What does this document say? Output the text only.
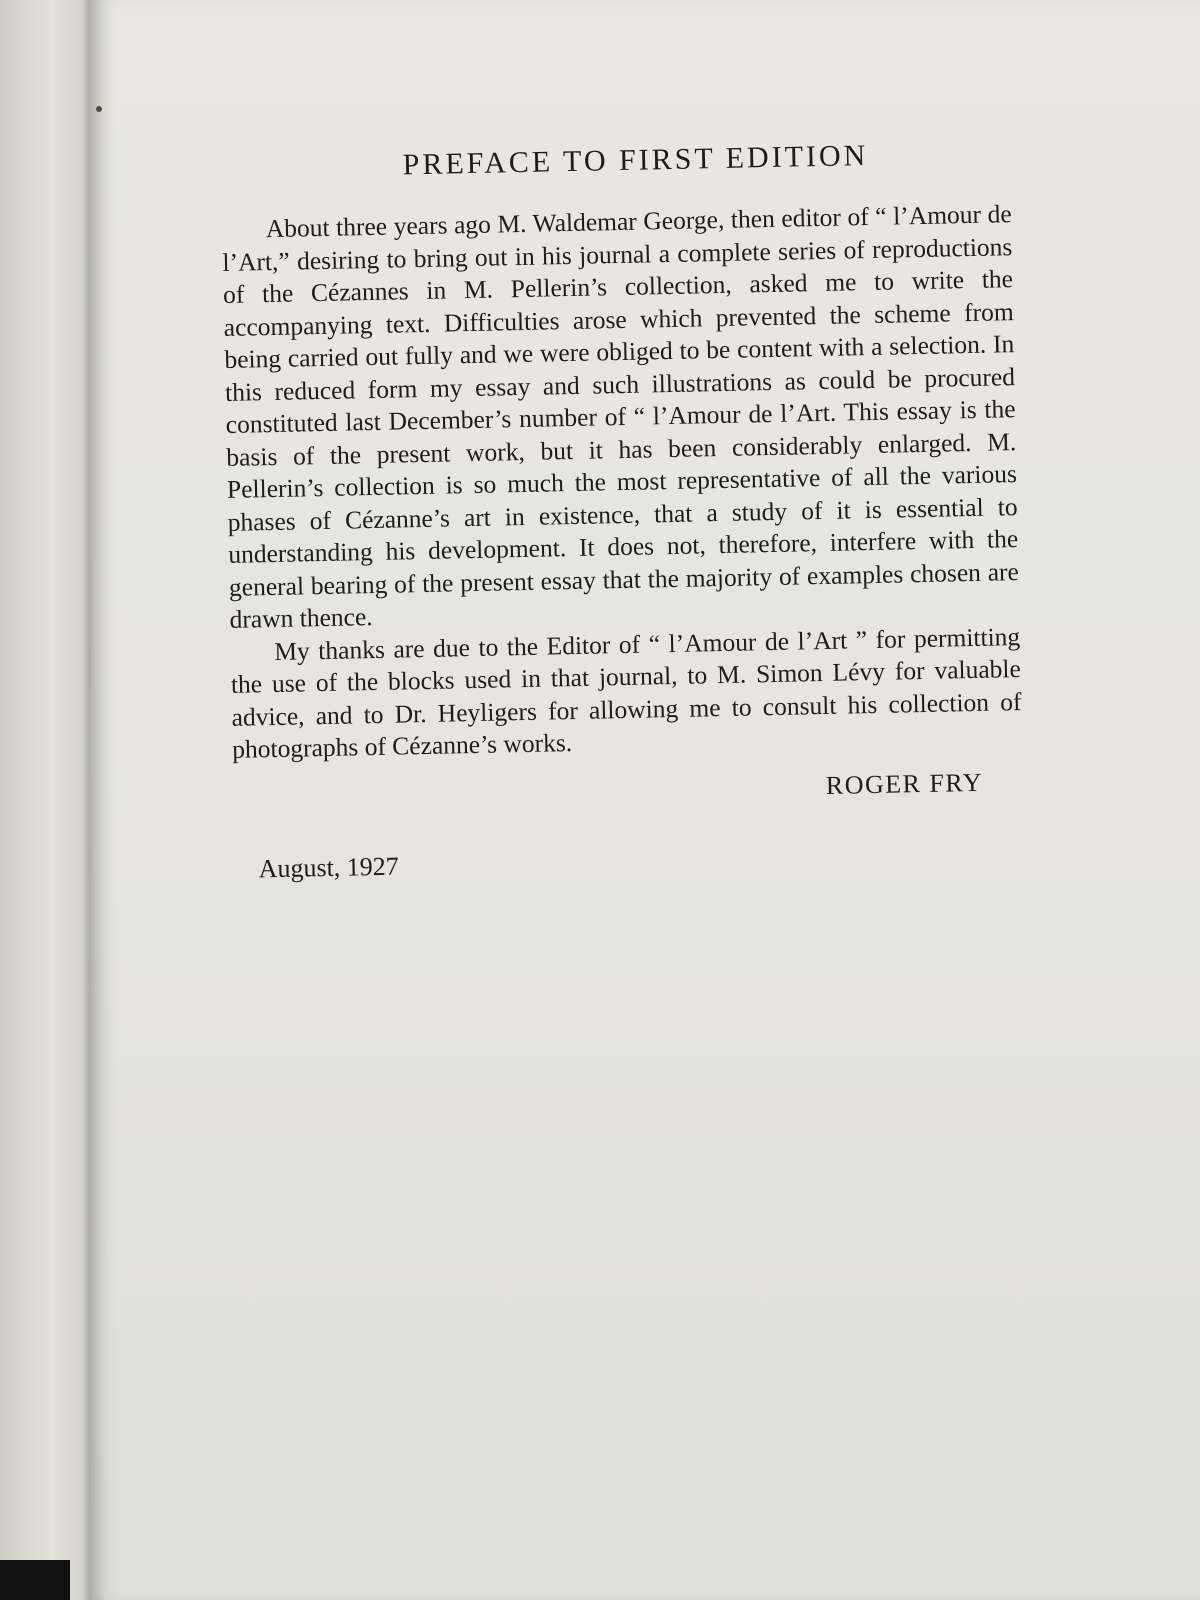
PREFACE TO FIRST EDITION

About three years ago M. Waldemar George, then editor of “ l’Amour de l’Art,” desiring to bring out in his journal a complete series of reproductions of the Cézannes in M. Pellerin’s collection, asked me to write the accompanying text. Difficulties arose which prevented the scheme from being carried out fully and we were obliged to be content with a selection. In this reduced form my essay and such illustrations as could be procured constituted last December’s number of “ l’Amour de l’Art. This essay is the basis of the present work, but it has been considerably enlarged. M. Pellerin’s collection is so much the most representative of all the various phases of Cézanne’s art in existence, that a study of it is essential to understanding his development. It does not, therefore, interfere with the general bearing of the present essay that the majority of examples chosen are drawn thence.

My thanks are due to the Editor of “ l’Amour de l’Art ” for permitting the use of the blocks used in that journal, to M. Simon Lévy for valuable advice, and to Dr. Heyligers for allowing me to consult his collection of photographs of Cézanne’s works.

ROGER FRY
August, 1927
